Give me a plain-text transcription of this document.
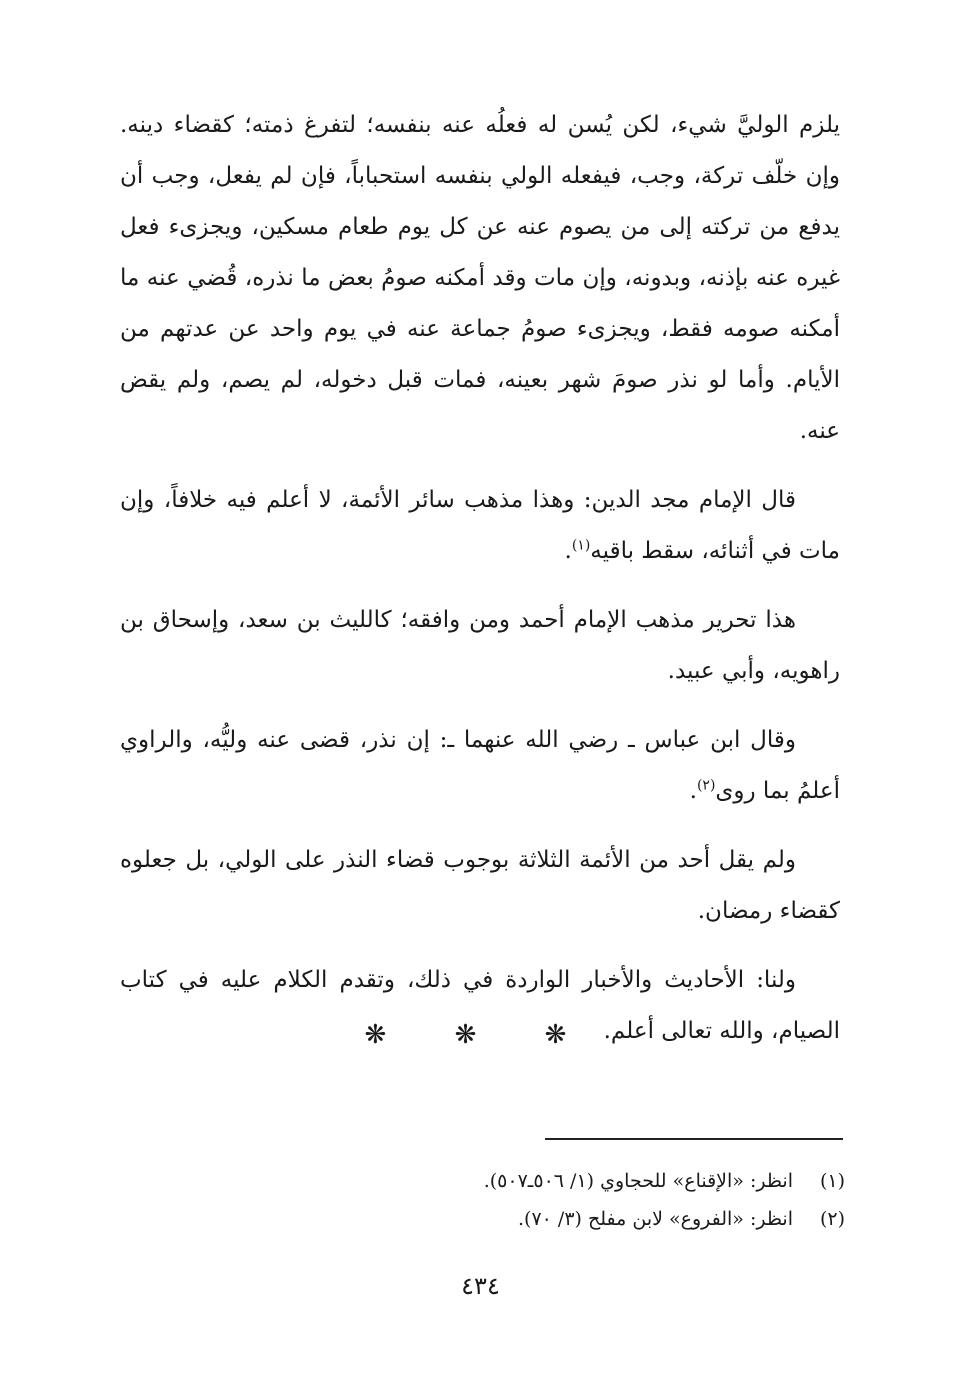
يلزم الوليَّ شيء، لكن يُسن له فعلُه عنه بنفسه؛ لتفرغ ذمته؛ كقضاء دينه. وإن خلّف تركة، وجب، فيفعله الولي بنفسه استحباباً، فإن لم يفعل، وجب أن يدفع من تركته إلى من يصوم عنه عن كل يوم طعام مسكين، ويجزىء فعل غيره عنه بإذنه، وبدونه، وإن مات وقد أمكنه صومُ بعض ما نذره، قُضي عنه ما أمكنه صومه فقط، ويجزىء صومُ جماعة عنه في يوم واحد عن عدتهم من الأيام. وأما لو نذر صومَ شهر بعينه، فمات قبل دخوله، لم يصم، ولم يقض عنه.

قال الإمام مجد الدين: وهذا مذهب سائر الأئمة، لا أعلم فيه خلافاً، وإن مات في أثنائه، سقط باقيه$^{(١)}$.

هذا تحرير مذهب الإمام أحمد ومن وافقه؛ كالليث بن سعد، وإسحاق بن راهويه، وأبي عبيد.

وقال ابن عباس ـ رضي الله عنهما ـ: إن نذر، قضى عنه وليُّه، والراوي أعلمُ بما روى$^{(٢)}$.

ولم يقل أحد من الأئمة الثلاثة بوجوب قضاء النذر على الولي، بل جعلوه كقضاء رمضان.

ولنا: الأحاديث والأخبار الواردة في ذلك، وتقدم الكلام عليه في كتاب الصيام، والله تعالى أعلم.

❋ ❋ ❋
(١)
انظر: «الإقناع» للحجاوي (١/ ٥٠٦ـ٥٠٧).
(٢)
انظر: «الفروع» لابن مفلح (٣/ ٧٠).
٤٣٤
